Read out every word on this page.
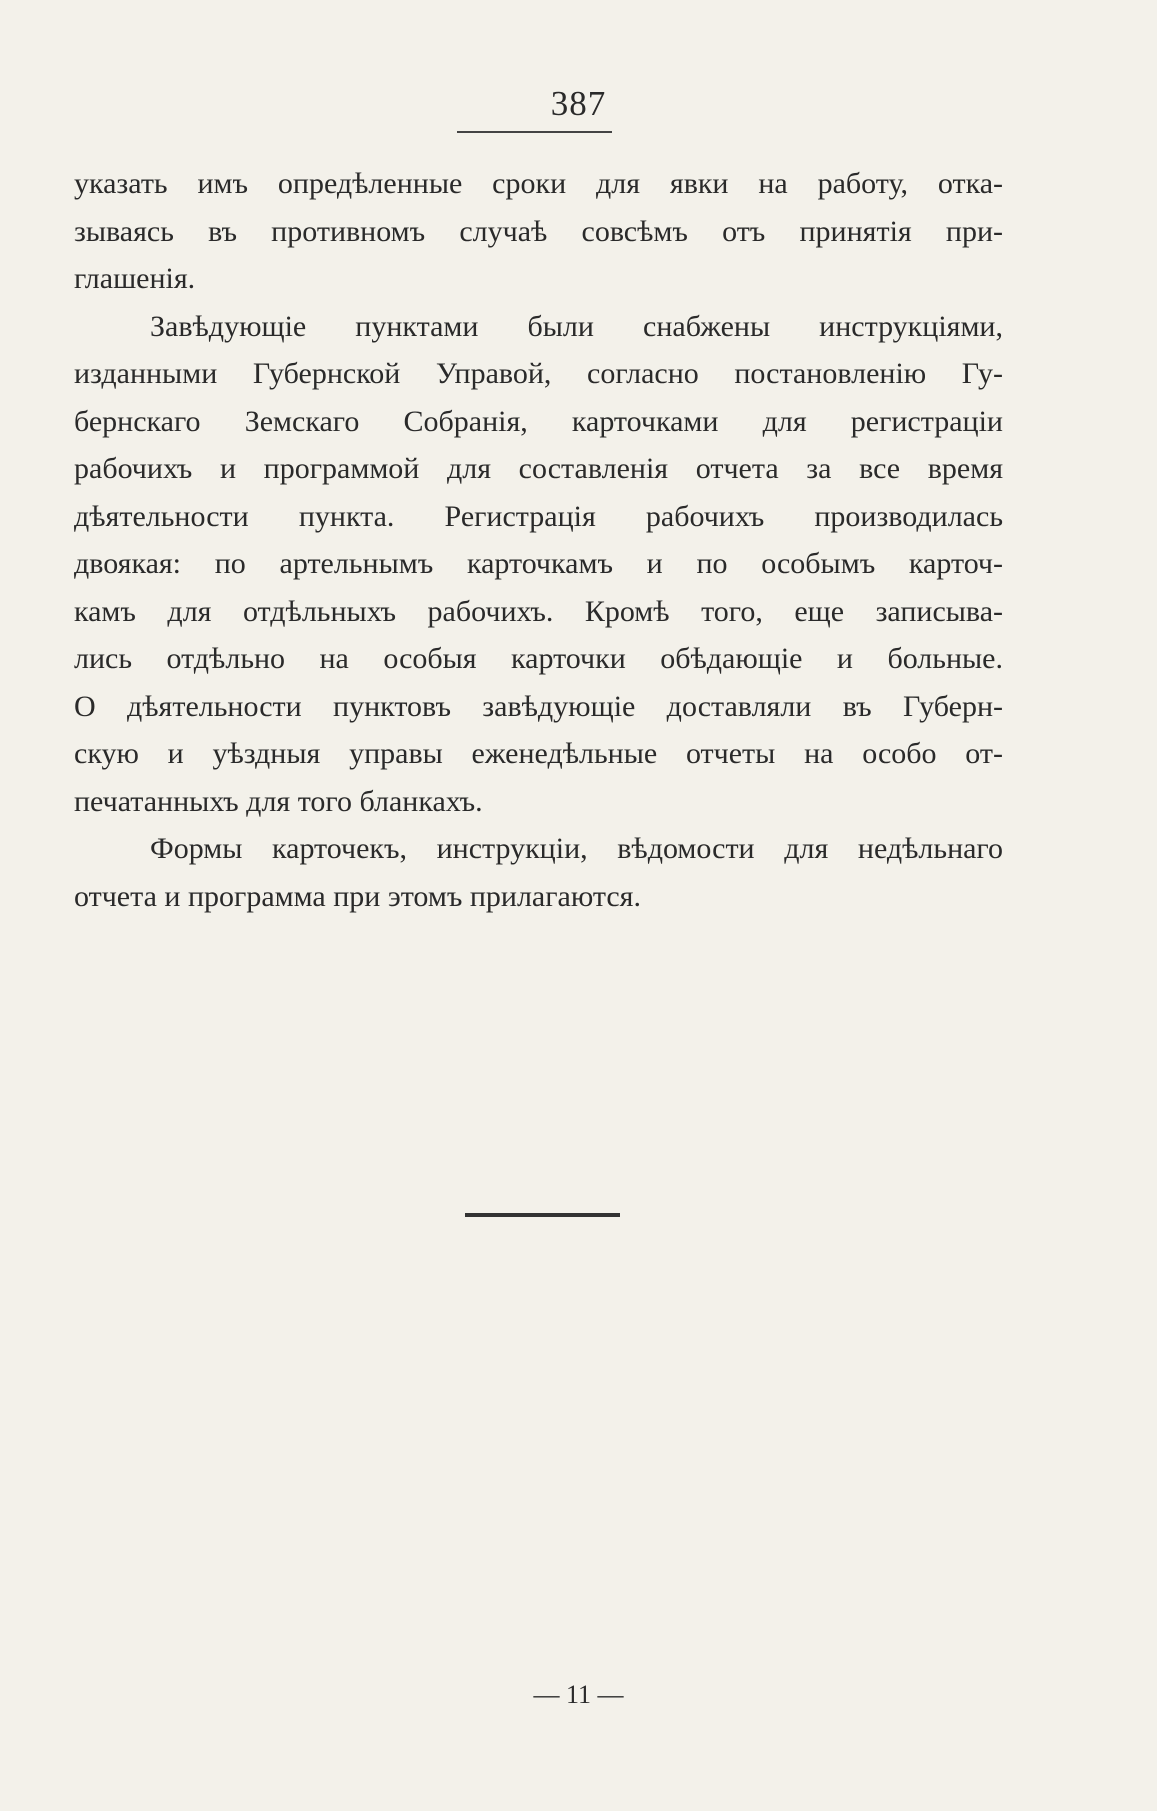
387
указать имъ опредѣленные сроки для явки на работу, отка-
зываясь въ противномъ случаѣ совсѣмъ отъ принятія при-
глашенія.
Завѣдующіе пунктами были снабжены инструкціями,
изданными Губернской Управой, согласно постановленію Гу-
бернскаго Земскаго Собранія, карточками для регистраціи
рабочихъ и программой для составленія отчета за все время
дѣятельности пункта. Регистрація рабочихъ производилась
двоякая: по артельнымъ карточкамъ и по особымъ карточ-
камъ для отдѣльныхъ рабочихъ. Кромѣ того, еще записыва-
лись отдѣльно на особыя карточки обѣдающіе и больные.
О дѣятельности пунктовъ завѣдующіе доставляли въ Губерн-
скую и уѣздныя управы еженедѣльные отчеты на особо от-
печатанныхъ для того бланкахъ.
Формы карточекъ, инструкціи, вѣдомости для недѣльнаго
отчета и программа при этомъ прилагаются.
— 11 —
